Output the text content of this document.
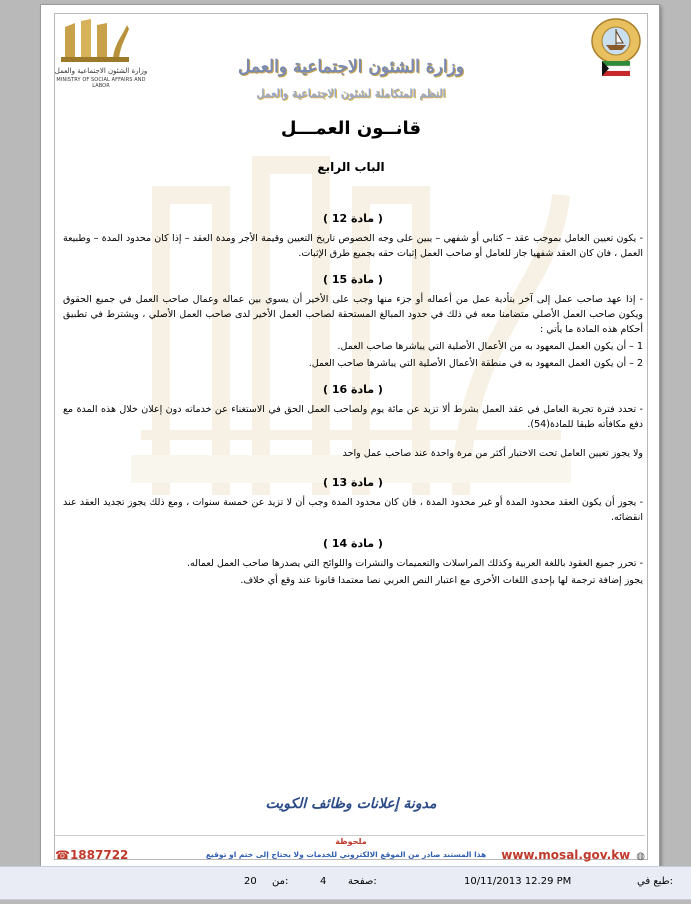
وزارة الشئون الاجتماعية والعمل
MINISTRY OF SOCIAL AFFAIRS AND LABOR
وزارة الشئون الاجتماعية والعمل
النظم المتكاملة لشئون الاجتماعية والعمل
قانــون العمـــل
الباب الرابع
( مادة 12 )

- يكون تعيين العامل بموجب عقد – كتابي أو شفهي – يبين على وجه الخصوص تاريخ التعيين وقيمة الأجر ومدة العقد – إذا كان محدود المدة – وطبيعة العمل ، فان كان العقد شفهيا جاز للعامل أو صاحب العمل إثبات حقه بجميع طرق الإثبات.

( مادة 15 )

- إذا عهد صاحب عمل إلى آخر بتأدية عمل من أعماله أو جزء منها وجب على الأخير أن يسوي بين عماله وعمال صاحب العمل في جميع الحقوق ويكون صاحب العمل الأصلي متضامنا معه في ذلك في حدود المبالغ المستحقة لصاحب العمل الأخير لدى صاحب العمل الأصلي ، ويشترط في تطبيق أحكام هذه المادة ما يأتي :

1 – أن يكون العمل المعهود به من الأعمال الأصلية التي يباشرها صاحب العمل.

2 – أن يكون العمل المعهود به في منطقة الأعمال الأصلية التي يباشرها صاحب العمل.

( مادة 16 )

- تحدد فترة تجربة العامل في عقد العمل بشرط ألا تزيد عن مائة يوم ولصاحب العمل الحق في الاستغناء عن خدماته دون إعلان خلال هذه المدة مع دفع مكافأته طبقا للمادة(54).

ولا يجوز تعيين العامل تحت الاختبار أكثر من مرة واحدة عند صاحب عمل واحد

( مادة 13 )

- يجوز أن يكون العقد محدود المدة أو غير محدود المدة ، فان كان محدود المدة وجب أن لا تزيد عن خمسة سنوات ، ومع ذلك يجوز تجديد العقد عند انقضائه.

( مادة 14 )

- تحرر جميع العقود باللغة العربية وكذلك المراسلات والتعميمات والنشرات واللوائح التي يصدرها صاحب العمل لعماله.

يجوز إضافة ترجمة لها بإحدى اللغات الأخرى مع اعتبار النص العربي نصا معتمدا قانونا عند وقع أي خلاف.

مدونة إعلانات وظائف الكويت
ملحوظة
هذا المستند صادر من الموقع الالكتروني للخدمات ولا يحتاج إلى ختم او توقيع
☎1887722	www.mosal.gov.kw ◍
طبع في:
10/11/2013 12.29 PM
صفحة:
4
من:
20
